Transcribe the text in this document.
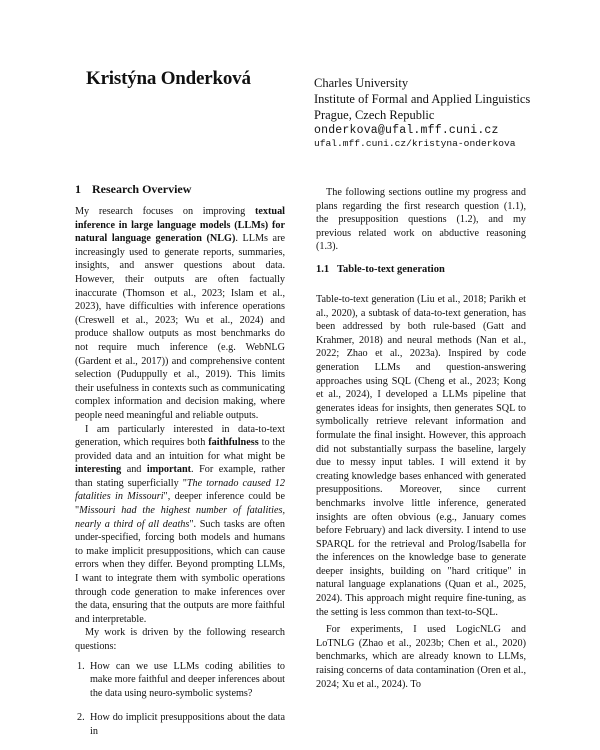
Kristýna Onderková	Charles University
Institute of Formal and Applied Linguistics
Prague, Czech Republic
onderkova@ufal.mff.cuni.cz
ufal.mff.cuni.cz/kristyna-onderkova
1 Research Overview

My research focuses on improving textual inference in large language models (LLMs) for natural language generation (NLG). LLMs are increasingly used to generate reports, summaries, insights, and answer questions about data. However, their outputs are often factually inaccurate (Thomson et al., 2023; Islam et al., 2023), have difficulties with inference operations (Creswell et al., 2023; Wu et al., 2024) and produce shallow outputs as most benchmarks do not require much inference (e.g. WebNLG (Gardent et al., 2017)) and comprehensive content selection (Puduppully et al., 2019). This limits their usefulness in contexts such as communicating complex information and decision making, where people need meaningful and reliable outputs.

I am particularly interested in data-to-text generation, which requires both faithfulness to the provided data and an intuition for what might be interesting and important. For example, rather than stating superficially "The tornado caused 12 fatalities in Missouri", deeper inference could be "Missouri had the highest number of fatalities, nearly a third of all deaths". Such tasks are often under-specified, forcing both models and humans to make implicit presuppositions, which can cause errors when they differ. Beyond prompting LLMs, I want to integrate them with symbolic operations through code generation to make inferences over the data, ensuring that the outputs are more faithful and interpretable.

My work is driven by the following research questions:

1. How can we use LLMs coding abilities to make more faithful and deeper inferences about the data using neuro-symbolic systems?
2. How do implicit presuppositions about the data in

The following sections outline my progress and plans regarding the first research question (1.1), the presupposition questions (1.2), and my previous related work on abductive reasoning (1.3).

1.1 Table-to-text generation

Table-to-text generation (Liu et al., 2018; Parikh et al., 2020), a subtask of data-to-text generation, has been addressed by both rule-based (Gatt and Krahmer, 2018) and neural methods (Nan et al., 2022; Zhao et al., 2023a). Inspired by code generation LLMs and question-answering approaches using SQL (Cheng et al., 2023; Kong et al., 2024), I developed a LLMs pipeline that generates ideas for insights, then generates SQL to symbolically retrieve relevant information and formulate the final insight. However, this approach did not substantially surpass the baseline, largely due to messy input tables. I will extend it by creating knowledge bases enhanced with generated presuppositions. Moreover, since current benchmarks involve little inference, generated insights are often obvious (e.g., January comes before February) and lack diversity. I intend to use SPARQL for the retrieval and Prolog/Isabella for the inferences on the knowledge base to generate deeper insights, building on "hard critique" in natural language explanations (Quan et al., 2025, 2024). This approach might require fine-tuning, as the setting is less common than text-to-SQL.

For experiments, I used LogicNLG and LoTNLG (Zhao et al., 2023b; Chen et al., 2020) benchmarks, which are already known to LLMs, raising concerns of data contamination (Oren et al., 2024; Xu et al., 2024). To
